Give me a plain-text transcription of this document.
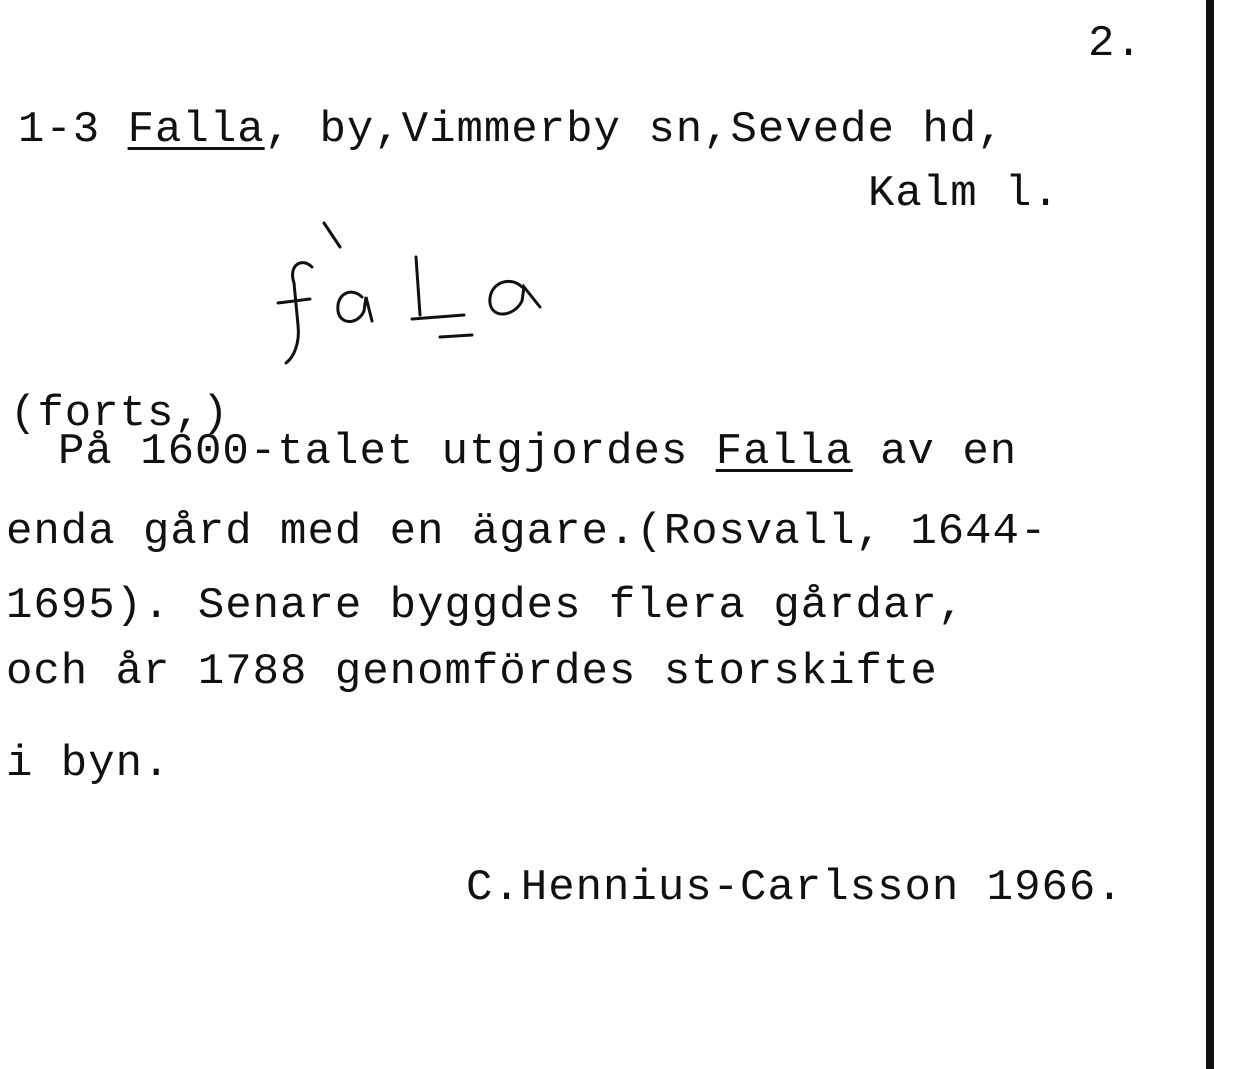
2.
1-3 Falla, by,Vimmerby sn,Sevede hd,
Kalm l.
(forts,)
På 1600-talet utgjordes Falla av en
enda gård med en ägare.(Rosvall, 1644-
1695). Senare byggdes flera gårdar,
och år 1788 genomfördes storskifte
i byn.
C.Hennius-Carlsson 1966.
